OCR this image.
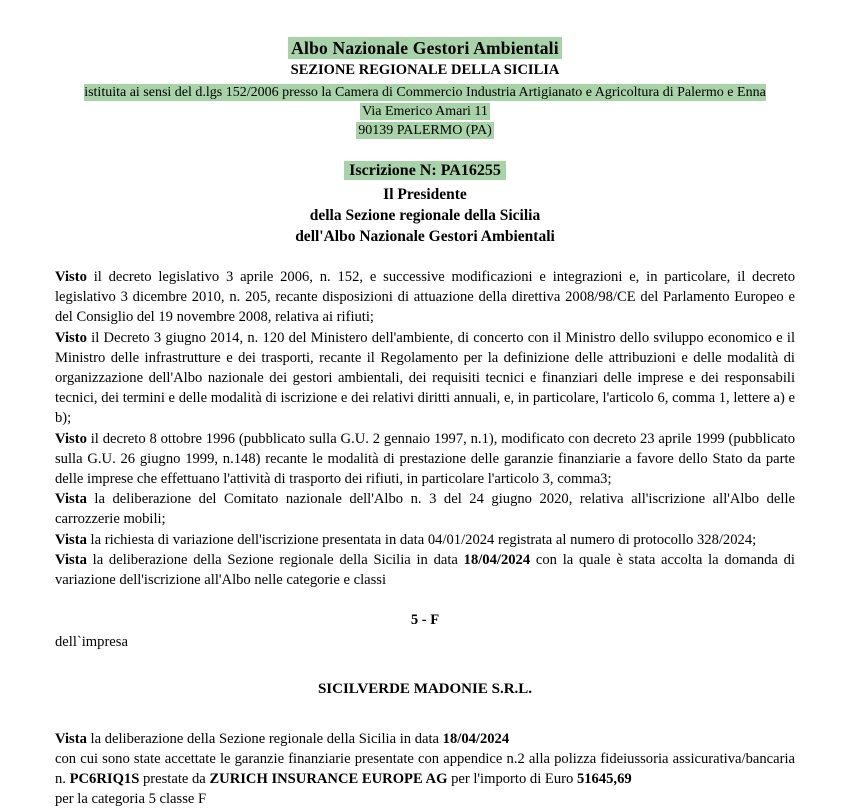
Albo Nazionale Gestori Ambientali
SEZIONE REGIONALE DELLA SICILIA
istituita ai sensi del d.lgs 152/2006 presso la Camera di Commercio Industria Artigianato e Agricoltura di Palermo e Enna
Via Emerico Amari 11
90139 PALERMO (PA)
Iscrizione N: PA16255
Il Presidente
della Sezione regionale della Sicilia
dell'Albo Nazionale Gestori Ambientali

Visto il decreto legislativo 3 aprile 2006, n. 152, e successive modificazioni e integrazioni e, in particolare, il decreto legislativo 3 dicembre 2010, n. 205, recante disposizioni di attuazione della direttiva 2008/98/CE del Parlamento Europeo e del Consiglio del 19 novembre 2008, relativa ai rifiuti;

Visto il Decreto 3 giugno 2014, n. 120 del Ministero dell'ambiente, di concerto con il Ministro dello sviluppo economico e il Ministro delle infrastrutture e dei trasporti, recante il Regolamento per la definizione delle attribuzioni e delle modalità di organizzazione dell'Albo nazionale dei gestori ambientali, dei requisiti tecnici e finanziari delle imprese e dei responsabili tecnici, dei termini e delle modalità di iscrizione e dei relativi diritti annuali, e, in particolare, l'articolo 6, comma 1, lettere a) e b);

Visto il decreto 8 ottobre 1996 (pubblicato sulla G.U. 2 gennaio 1997, n.1), modificato con decreto 23 aprile 1999 (pubblicato sulla G.U. 26 giugno 1999, n.148) recante le modalità di prestazione delle garanzie finanziarie a favore dello Stato da parte delle imprese che effettuano l'attività di trasporto dei rifiuti, in particolare l'articolo 3, comma3;

Vista la deliberazione del Comitato nazionale dell'Albo n. 3 del 24 giugno 2020, relativa all'iscrizione all'Albo delle carrozzerie mobili;

Vista la richiesta di variazione dell'iscrizione presentata in data 04/01/2024 registrata al numero di protocollo 328/2024;

Vista la deliberazione della Sezione regionale della Sicilia in data 18/04/2024 con la quale è stata accolta la domanda di variazione dell'iscrizione all'Albo nelle categorie e classi

5 - F
dell`impresa
SICILVERDE MADONIE S.R.L.

Vista la deliberazione della Sezione regionale della Sicilia in data 18/04/2024

con cui sono state accettate le garanzie finanziarie presentate con appendice n.2 alla polizza fideiussoria assicurativa/bancaria n. PC6RIQ1S prestate da ZURICH INSURANCE EUROPE AG per l'importo di Euro 51645,69

per la categoria 5 classe F
